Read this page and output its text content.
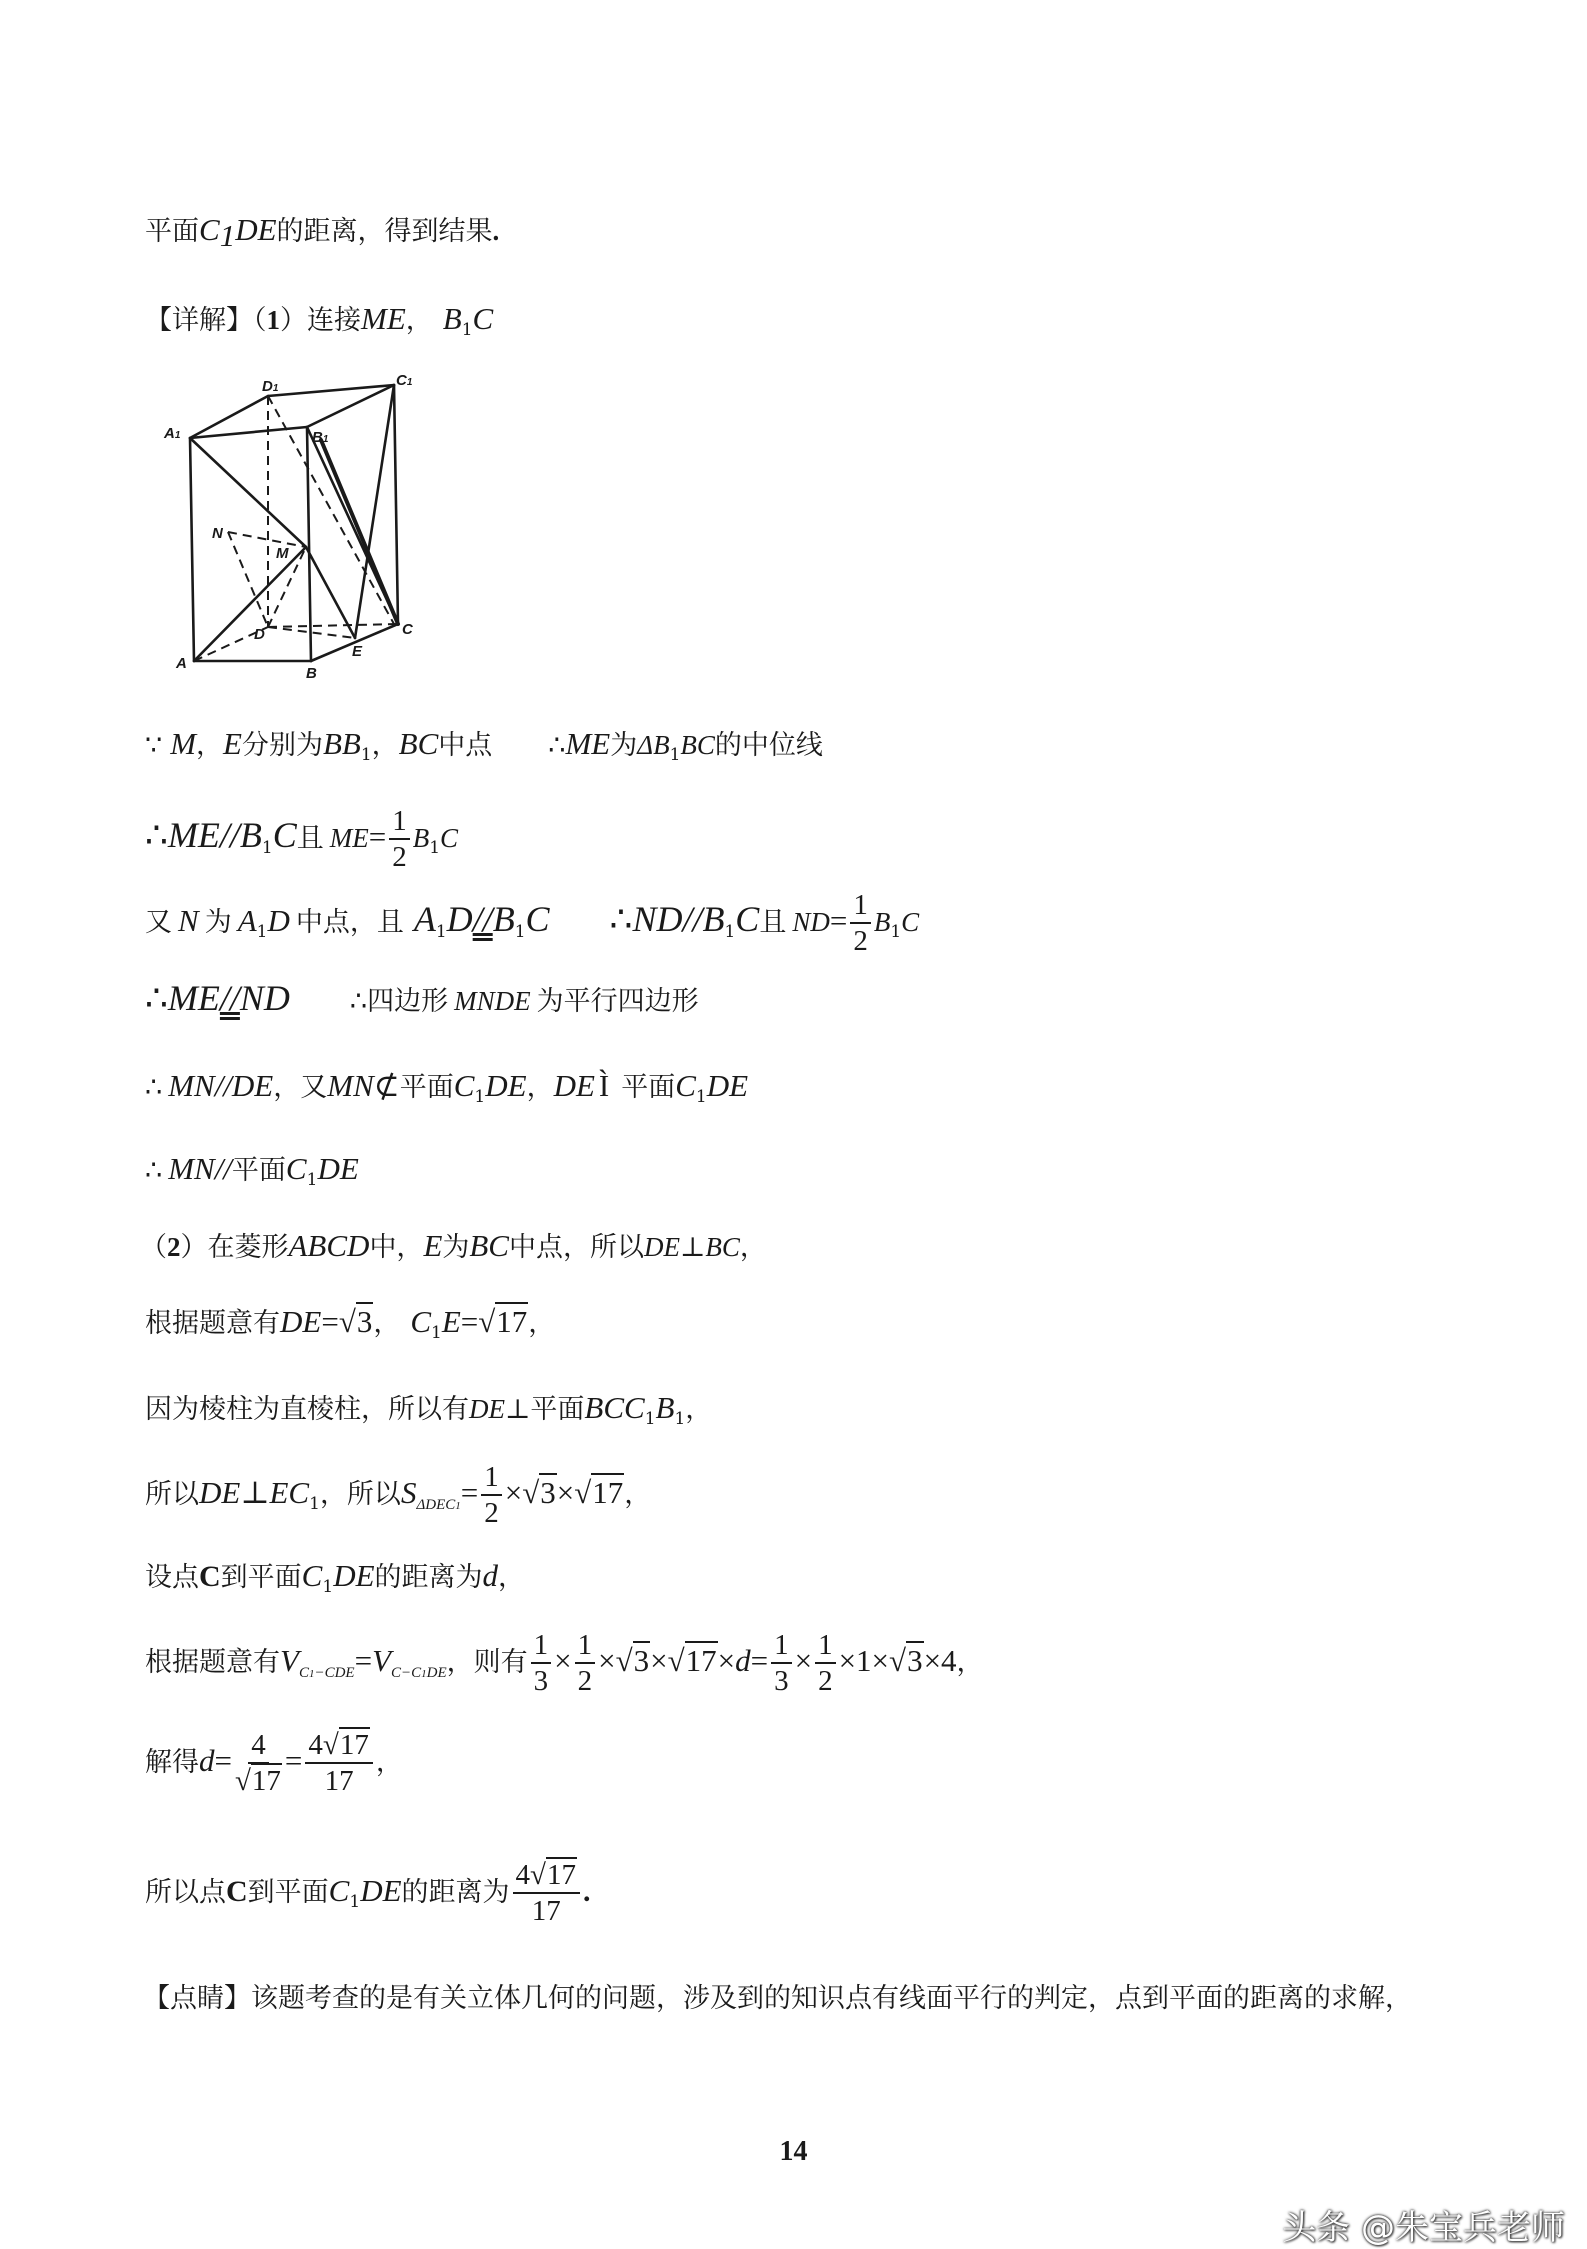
平面$C_1DE$的距离，得到结果.
【详解】（1）连接ME， $B_1C$
D1	C1
A1	B1
N
M
D	C
A
B
E
∵ M，E分别为$BB_1$，BC中点 ∴ME为$\Delta B_1BC$的中位线
$\therefore ME//B_1C$且 $ME= \frac{1}{2} B_1C$
又 N 为 $A_1D$ 中点，且 $A_1D//B_1C$ $\therefore ND//B_1C$且 $ND= \frac{1}{2} B_1C$
∴ME//ND ∴四边形 MNDE 为平行四边形
∴ MN//DE，又MN⊄平面$C_1DE$，DE Ì 平面$C_1DE$
∴ MN//平面$C_1DE$
（2）在菱形ABCD中，E为BC中点，所以DE⊥BC，
根据题意有DE=√3， $C_1E=√17$，
因为棱柱为直棱柱，所以有DE⊥平面$BCC_1B_1$，
所以$DE\perp EC_1$，所以$S_{\Delta DEC1}= \frac{1}{2} \times√3\times√17$，
设点C到平面$C_1DE$的距离为d，
根据题意有$V_{C1-CDE}=V_{C-C1DE}$，则有 $\frac{1}{3} \times \frac{1}{2} \times√3\times√17\times d= \frac{1}{3} \times \frac{1}{2} \times 1\times√3\times 4$，
解得$d= \frac{4}{√17} = \frac{4√17}{17}$ ，
所以点C到平面$C_1DE$的距离为 $\frac{4√17}{17}$ .
【点睛】该题考查的是有关立体几何的问题，涉及到的知识点有线面平行的判定，点到平面的距离的求解，
14
头条 @朱宝兵老师
